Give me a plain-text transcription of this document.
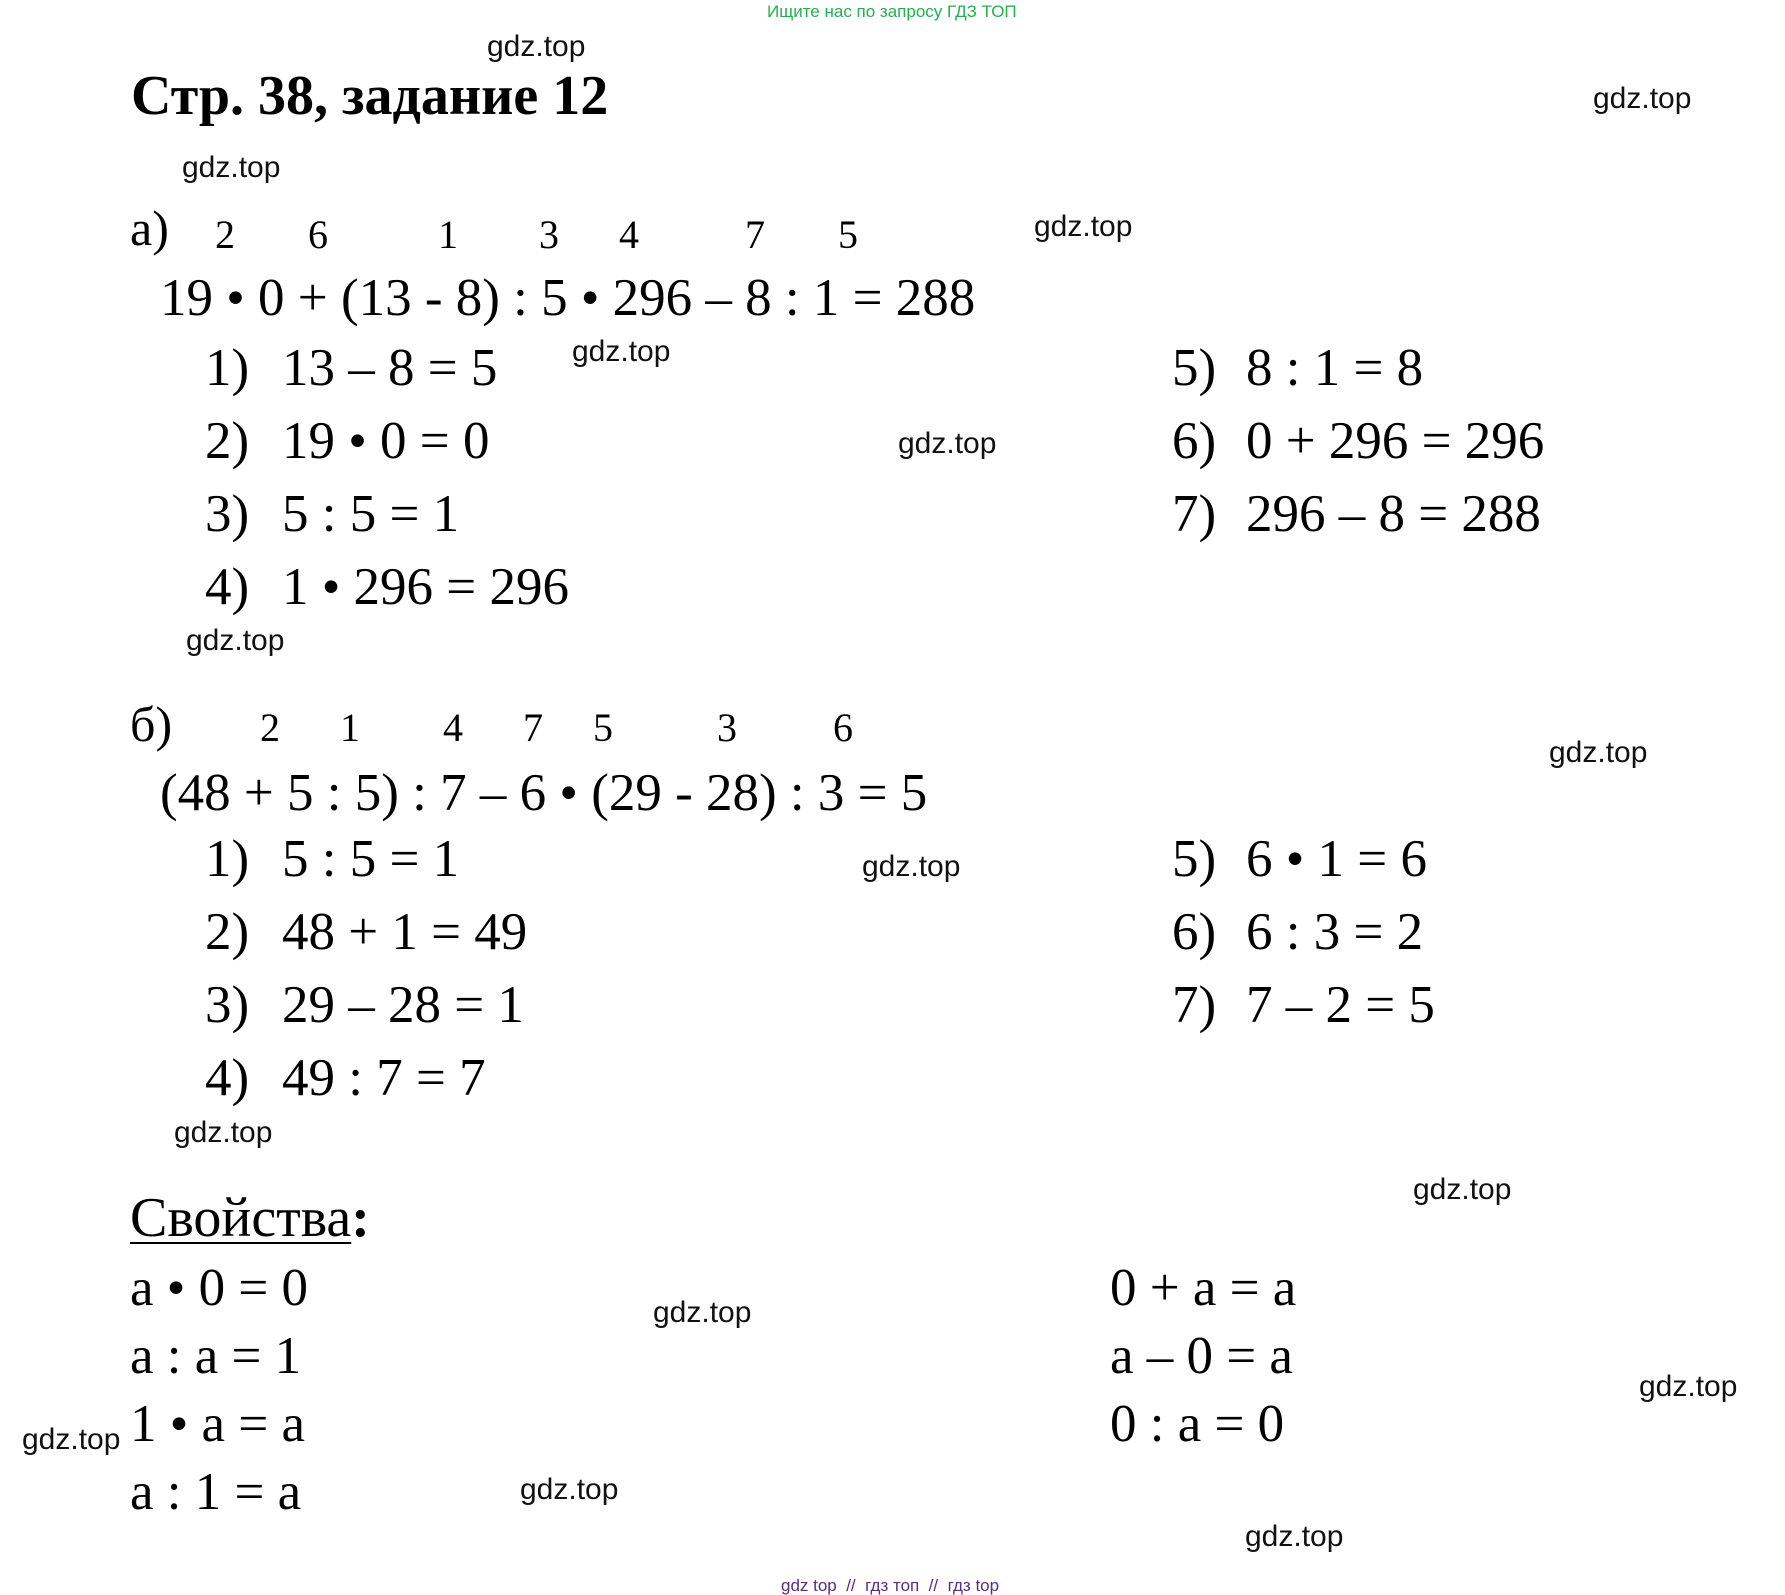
Ищите нас по запросу ГДЗ ТОП
Стр. 38, задание 12
gdz.top
gdz.top
gdz.top
gdz.top
gdz.top
gdz.top
gdz.top
gdz.top
gdz.top
gdz.top
gdz.top
gdz.top
gdz.top
gdz.top
gdz.top
gdz.top
а) 2 6	1 3 4	7 5
19 • 0 + (13 - 8) : 5 • 296 – 8 : 1 = 288
1) 13 – 8 = 5
2) 19 • 0 = 0
3) 5 : 5 = 1
4) 1 • 296 = 296
5) 8 : 1 = 8
6) 0 + 296 = 296
7) 296 – 8 = 288
б) 2 1 4 7 5	3 6
(48 + 5 : 5) : 7 – 6 • (29 - 28) : 3 = 5
1) 5 : 5 = 1
2) 48 + 1 = 49
3) 29 – 28 = 1
4) 49 : 7 = 7
5) 6 • 1 = 6
6) 6 : 3 = 2
7) 7 – 2 = 5
Свойства:
a • 0 = 0
a : a = 1
1 • a = a
a : 1 = a
0 + a = a
a – 0 = a
0 : a = 0
gdz top  //  гдз топ  //  гдз top
